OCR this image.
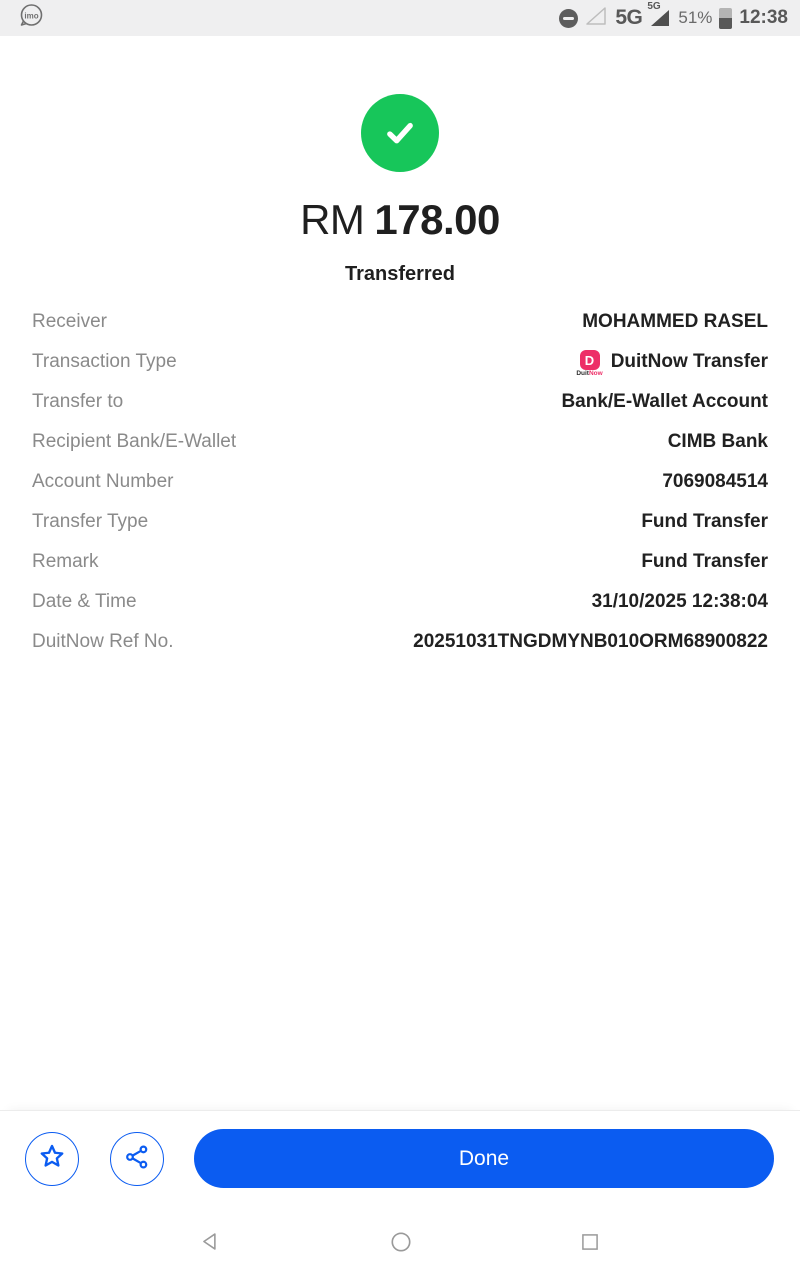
imo	5G 5G
51% 12:38
RM 178.00
Transferred
Receiver	MOHAMMED RASEL
Transaction Type	D
DuitNow
DuitNow Transfer
Transfer to	Bank/E-Wallet Account
Recipient Bank/E-Wallet	CIMB Bank
Account Number	7069084514
Transfer Type	Fund Transfer
Remark	Fund Transfer
Date & Time	31/10/2025 12:38:04
DuitNow Ref No.	20251031TNGDMYNB010ORM68900822
Done
